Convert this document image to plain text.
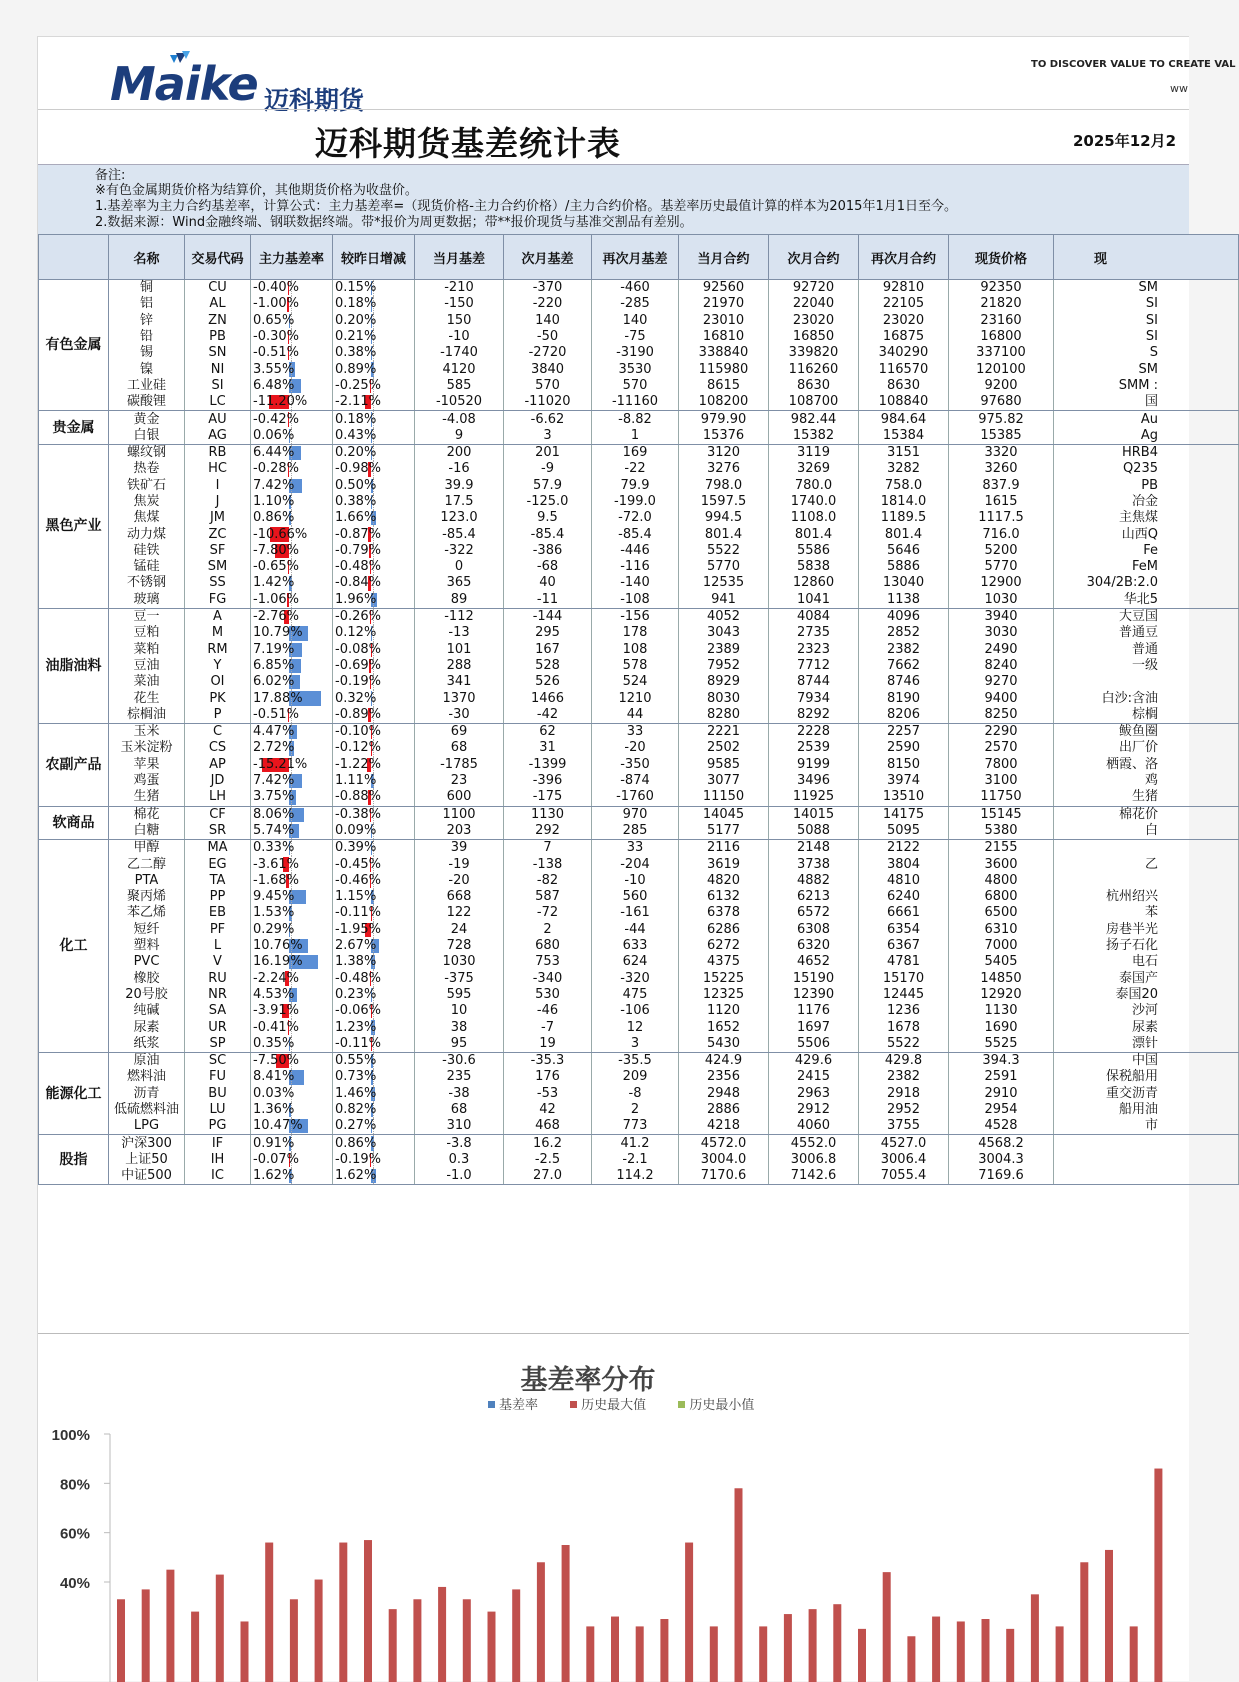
Maike 迈科期货
TO DISCOVER VALUE TO CREATE VAL
ww
迈科期货基差统计表	2025年12月2
备注:
※有色金属期货价格为结算价，其他期货价格为收盘价。
1.基差率为主力合约基差率，计算公式：主力基差率=（现货价格-主力合约价格）/主力合约价格。基差率历史最值计算的样本为2015年1月1日至今。
2.数据来源：Wind金融终端、钢联数据终端。带*报价为周更数据；带**报价现货与基准交割品有差别。
	名称	交易代码	主力基差率	较昨日增减	当月基差	次月基差	再次月基差	当月合约	次月合约	再次月合约	现货价格	现
有色金属	铜	CU	-0.40%	0.15%	-210	-370	-460	92560	92720	92810	92350	SM
	铝	AL	-1.00%	0.18%	-150	-220	-285	21970	22040	22105	21820	SI
	锌	ZN	0.65%	0.20%	150	140	140	23010	23020	23020	23160	SI
	铅	PB	-0.30%	0.21%	-10	-50	-75	16810	16850	16875	16800	SI
	锡	SN	-0.51%	0.38%	-1740	-2720	-3190	338840	339820	340290	337100	S
	镍	NI	3.55%	0.89%	4120	3840	3530	115980	116260	116570	120100	SM
	工业硅	SI	6.48%	-0.25%	585	570	570	8615	8630	8630	9200	SMM :
	碳酸锂	LC	-11.20%	-2.11%	-10520	-11020	-11160	108200	108700	108840	97680	国
贵金属	黄金	AU	-0.42%	0.18%	-4.08	-6.62	-8.82	979.90	982.44	984.64	975.82	Au
	白银	AG	0.06%	0.43%	9	3	1	15376	15382	15384	15385	Ag
黑色产业	螺纹钢	RB	6.44%	0.20%	200	201	169	3120	3119	3151	3320	HRB4
	热卷	HC	-0.28%	-0.98%	-16	-9	-22	3276	3269	3282	3260	Q235
	铁矿石	I	7.42%	0.50%	39.9	57.9	79.9	798.0	780.0	758.0	837.9	PB
	焦炭	J	1.10%	0.38%	17.5	-125.0	-199.0	1597.5	1740.0	1814.0	1615	冶金
	焦煤	JM	0.86%	1.66%	123.0	9.5	-72.0	994.5	1108.0	1189.5	1117.5	主焦煤
	动力煤	ZC	-10.66%	-0.87%	-85.4	-85.4	-85.4	801.4	801.4	801.4	716.0	山西Q
	硅铁	SF	-7.80%	-0.79%	-322	-386	-446	5522	5586	5646	5200	Fe
	锰硅	SM	-0.65%	-0.48%	0	-68	-116	5770	5838	5886	5770	FeM
	不锈钢	SS	1.42%	-0.84%	365	40	-140	12535	12860	13040	12900	304/2B:2.0
	玻璃	FG	-1.06%	1.96%	89	-11	-108	941	1041	1138	1030	华北5
油脂油料	豆一	A	-2.76%	-0.26%	-112	-144	-156	4052	4084	4096	3940	大豆国
	豆粕	M	10.79%	0.12%	-13	295	178	3043	2735	2852	3030	普通豆
	菜粕	RM	7.19%	-0.08%	101	167	108	2389	2323	2382	2490	普通
	豆油	Y	6.85%	-0.69%	288	528	578	7952	7712	7662	8240	一级
	菜油	OI	6.02%	-0.19%	341	526	524	8929	8744	8746	9270	
	花生	PK	17.88%	0.32%	1370	1466	1210	8030	7934	8190	9400	白沙:含油
	棕榈油	P	-0.51%	-0.89%	-30	-42	44	8280	8292	8206	8250	棕榈
农副产品	玉米	C	4.47%	-0.10%	69	62	33	2221	2228	2257	2290	鲅鱼圈
	玉米淀粉	CS	2.72%	-0.12%	68	31	-20	2502	2539	2590	2570	出厂价
	苹果	AP	-15.21%	-1.22%	-1785	-1399	-350	9585	9199	8150	7800	栖霞、洛
	鸡蛋	JD	7.42%	1.11%	23	-396	-874	3077	3496	3974	3100	鸡
	生猪	LH	3.75%	-0.88%	600	-175	-1760	11150	11925	13510	11750	生猪
软商品	棉花	CF	8.06%	-0.38%	1100	1130	970	14045	14015	14175	15145	棉花价
	白糖	SR	5.74%	0.09%	203	292	285	5177	5088	5095	5380	白
化工	甲醇	MA	0.33%	0.39%	39	7	33	2116	2148	2122	2155	
	乙二醇	EG	-3.61%	-0.45%	-19	-138	-204	3619	3738	3804	3600	乙
	PTA	TA	-1.68%	-0.46%	-20	-82	-10	4820	4882	4810	4800	
	聚丙烯	PP	9.45%	1.15%	668	587	560	6132	6213	6240	6800	杭州绍兴
	苯乙烯	EB	1.53%	-0.11%	122	-72	-161	6378	6572	6661	6500	苯
	短纤	PF	0.29%	-1.95%	24	2	-44	6286	6308	6354	6310	房巷半光
	塑料	L	10.76%	2.67%	728	680	633	6272	6320	6367	7000	扬子石化
	PVC	V	16.19%	1.38%	1030	753	624	4375	4652	4781	5405	电石
	橡胶	RU	-2.24%	-0.48%	-375	-340	-320	15225	15190	15170	14850	泰国产
	20号胶	NR	4.53%	0.23%	595	530	475	12325	12390	12445	12920	泰国20
	纯碱	SA	-3.91%	-0.06%	10	-46	-106	1120	1176	1236	1130	沙河
	尿素	UR	-0.41%	1.23%	38	-7	12	1652	1697	1678	1690	尿素
	纸浆	SP	0.35%	-0.11%	95	19	3	5430	5506	5522	5525	漂针
能源化工	原油	SC	-7.50%	0.55%	-30.6	-35.3	-35.5	424.9	429.6	429.8	394.3	中国
	燃料油	FU	8.41%	0.73%	235	176	209	2356	2415	2382	2591	保税船用
	沥青	BU	0.03%	1.46%	-38	-53	-8	2948	2963	2918	2910	重交沥青
	低硫燃料油	LU	1.36%	0.82%	68	42	2	2886	2912	2952	2954	船用油
	LPG	PG	10.47%	0.27%	310	468	773	4218	4060	3755	4528	市
股指	沪深300	IF	0.91%	0.86%	-3.8	16.2	41.2	4572.0	4552.0	4527.0	4568.2	
	上证50	IH	-0.07%	-0.19%	0.3	-2.5	-2.1	3004.0	3006.8	3006.4	3004.3	
	中证500	IC	1.62%	1.62%	-1.0	27.0	114.2	7170.6	7142.6	7055.4	7169.6	
基差率分布
基差率	历史最大值	历史最小值
40%
60%
80%
100%
